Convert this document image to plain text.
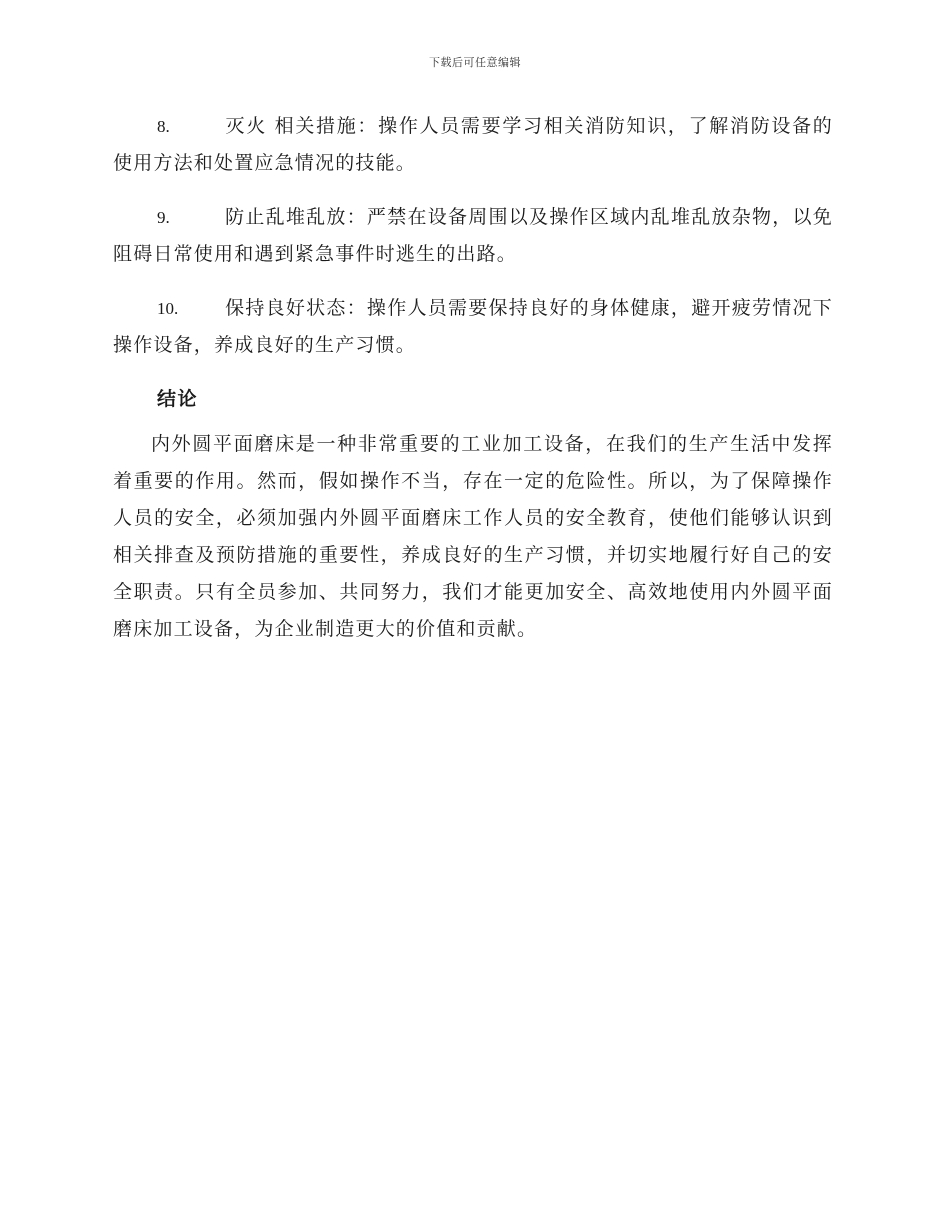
下载后可任意编辑

8.	灭火 相关措施：操作人员需要学习相关消防知识，了解消防设备的使用方法和处置应急情况的技能。

9.	防止乱堆乱放：严禁在设备周围以及操作区域内乱堆乱放杂物，以免阻碍日常使用和遇到紧急事件时逃生的出路。

10. 保持良好状态：操作人员需要保持良好的身体健康，避开疲劳情况下操作设备，养成良好的生产习惯。

结论

内外圆平面磨床是一种非常重要的工业加工设备，在我们的生产生活中发挥着重要的作用。然而，假如操作不当，存在一定的危险性。所以，为了保障操作人员的安全，必须加强内外圆平面磨床工作人员的安全教育，使他们能够认识到相关排查及预防措施的重要性，养成良好的生产习惯，并切实地履行好自己的安全职责。只有全员参加、共同努力，我们才能更加安全、高效地使用内外圆平面磨床加工设备，为企业制造更大的价值和贡献。
